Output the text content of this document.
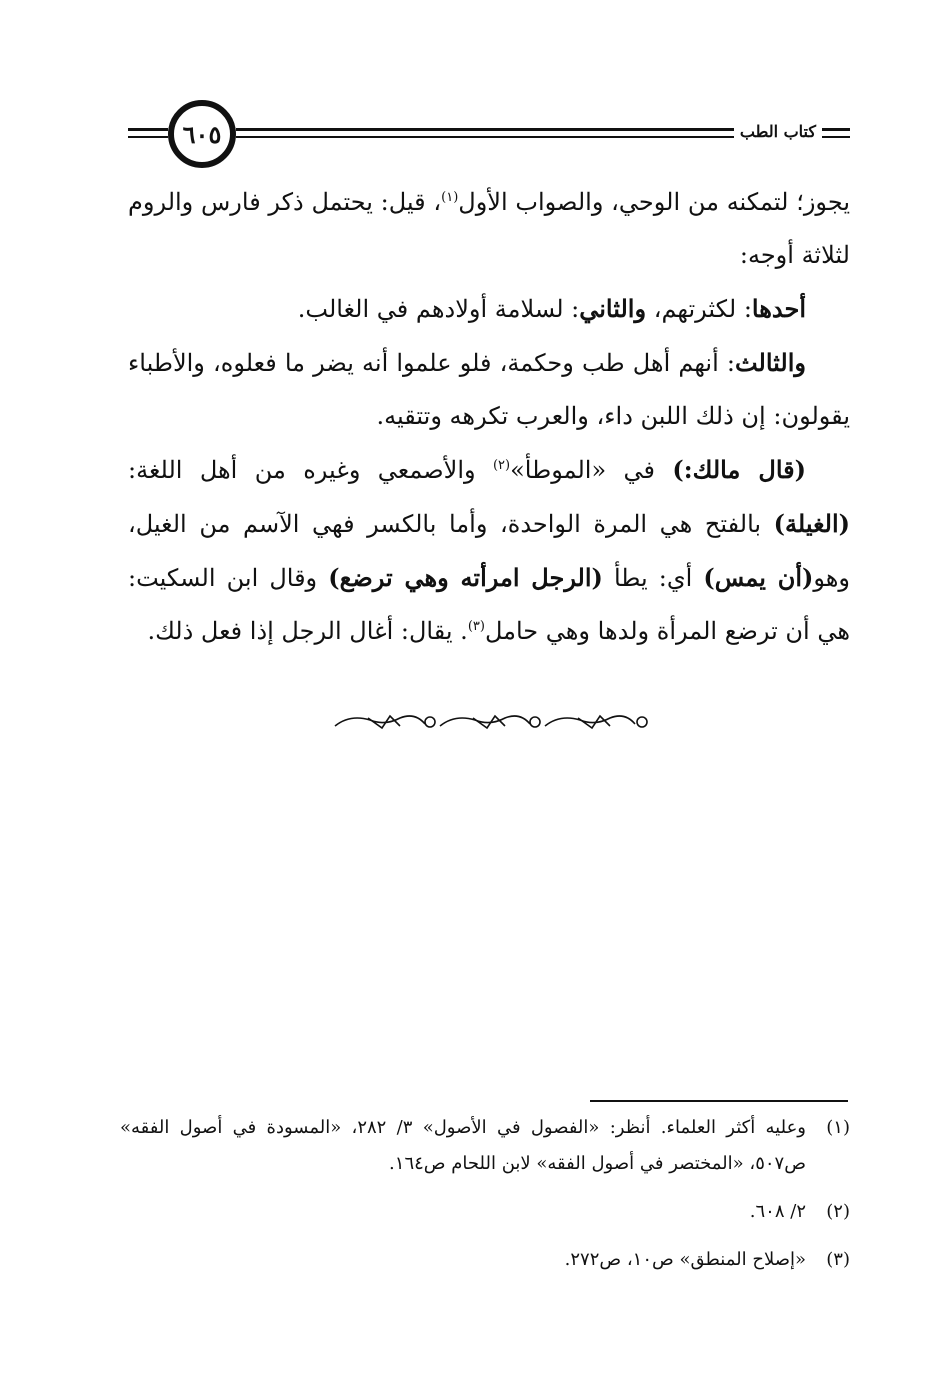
٦٠٥	كتاب الطب

يجوز؛ لتمكنه من الوحي، والصواب الأول$^{(١)}$، قيل: يحتمل ذكر فارس والروم لثلاثة أوجه:

أحدها: لكثرتهم، والثاني: لسلامة أولادهم في الغالب.

والثالث: أنهم أهل طب وحكمة، فلو علموا أنه يضر ما فعلوه، والأطباء يقولون: إن ذلك اللبن داء، والعرب تكرهه وتتقيه.

(قال مالك:) في «الموطأ»$^{(٢)}$ والأصمعي وغيره من أهل اللغة: (الغيلة) بالفتح هي المرة الواحدة، وأما بالكسر فهي الآسم من الغيل، وهو(أن يمس) أي: يطأ (الرجل امرأته وهي ترضع) وقال ابن السكيت: هي أن ترضع المرأة ولدها وهي حامل$^{(٣)}$. يقال: أغال الرجل إذا فعل ذلك.

(١)
وعليه أكثر العلماء. أنظر: «الفصول في الأصول» ٣/ ٢٨٢، «المسودة في أصول الفقه» ص٥٠٧، «المختصر في أصول الفقه» لابن اللحام ص١٦٤.
(٢)
٢/ ٦٠٨.
(٣)
«إصلاح المنطق» ص١٠، ص٢٧٢.
